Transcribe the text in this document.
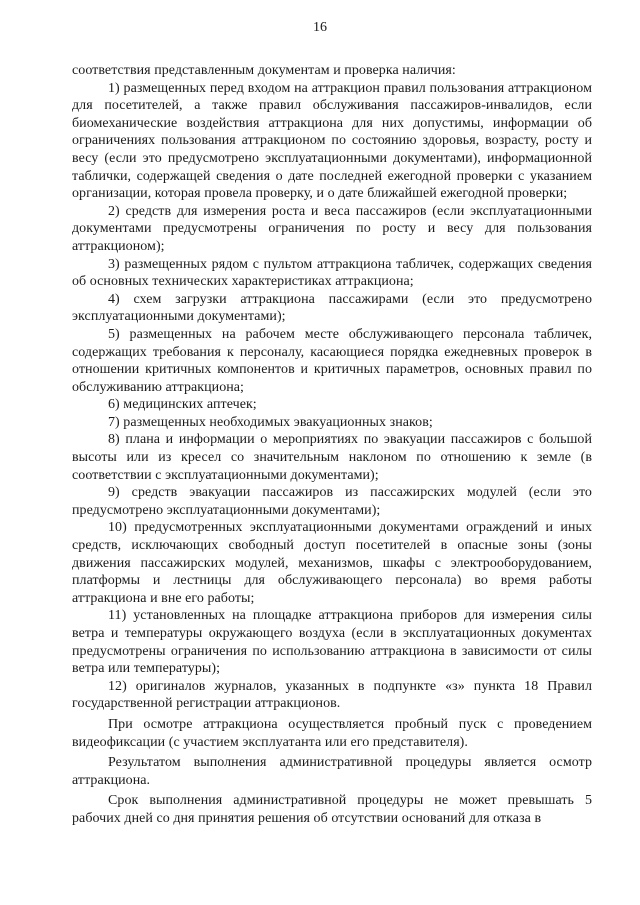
16

соответствия представленным документам и проверка наличия:

1) размещенных перед входом на аттракцион правил пользования аттракционом для посетителей, а также правил обслуживания пассажиров-инвалидов, если биомеханические воздействия аттракциона для них допустимы, информации об ограничениях пользования аттракционом по состоянию здоровья, возрасту, росту и весу (если это предусмотрено эксплуатационными документами), информационной таблички, содержащей сведения о дате последней ежегодной проверки с указанием организации, которая провела проверку, и о дате ближайшей ежегодной проверки;

2) средств для измерения роста и веса пассажиров (если эксплуатационными документами предусмотрены ограничения по росту и весу для пользования аттракционом);

3) размещенных рядом с пультом аттракциона табличек, содержащих сведения об основных технических характеристиках аттракциона;

4) схем загрузки аттракциона пассажирами (если это предусмотрено эксплуатационными документами);

5) размещенных на рабочем месте обслуживающего персонала табличек, содержащих требования к персоналу, касающиеся порядка ежедневных проверок в отношении критичных компонентов и критичных параметров, основных правил по обслуживанию аттракциона;

6) медицинских аптечек;

7) размещенных необходимых эвакуационных знаков;

8) плана и информации о мероприятиях по эвакуации пассажиров с большой высоты или из кресел со значительным наклоном по отношению к земле (в соответствии с эксплуатационными документами);

9) средств эвакуации пассажиров из пассажирских модулей (если это предусмотрено эксплуатационными документами);

10) предусмотренных эксплуатационными документами ограждений и иных средств, исключающих свободный доступ посетителей в опасные зоны (зоны движения пассажирских модулей, механизмов, шкафы с электрооборудованием, платформы и лестницы для обслуживающего персонала) во время работы аттракциона и вне его работы;

11) установленных на площадке аттракциона приборов для измерения силы ветра и температуры окружающего воздуха (если в эксплуатационных документах предусмотрены ограничения по использованию аттракциона в зависимости от силы ветра или температуры);

12) оригиналов журналов, указанных в подпункте «з» пункта 18 Правил государственной регистрации аттракционов.

При осмотре аттракциона осуществляется пробный пуск с проведением видеофиксации (с участием эксплуатанта или его представителя).

Результатом выполнения административной процедуры является осмотр аттракциона.

Срок выполнения административной процедуры не может превышать 5 рабочих дней со дня принятия решения об отсутствии оснований для отказа в
